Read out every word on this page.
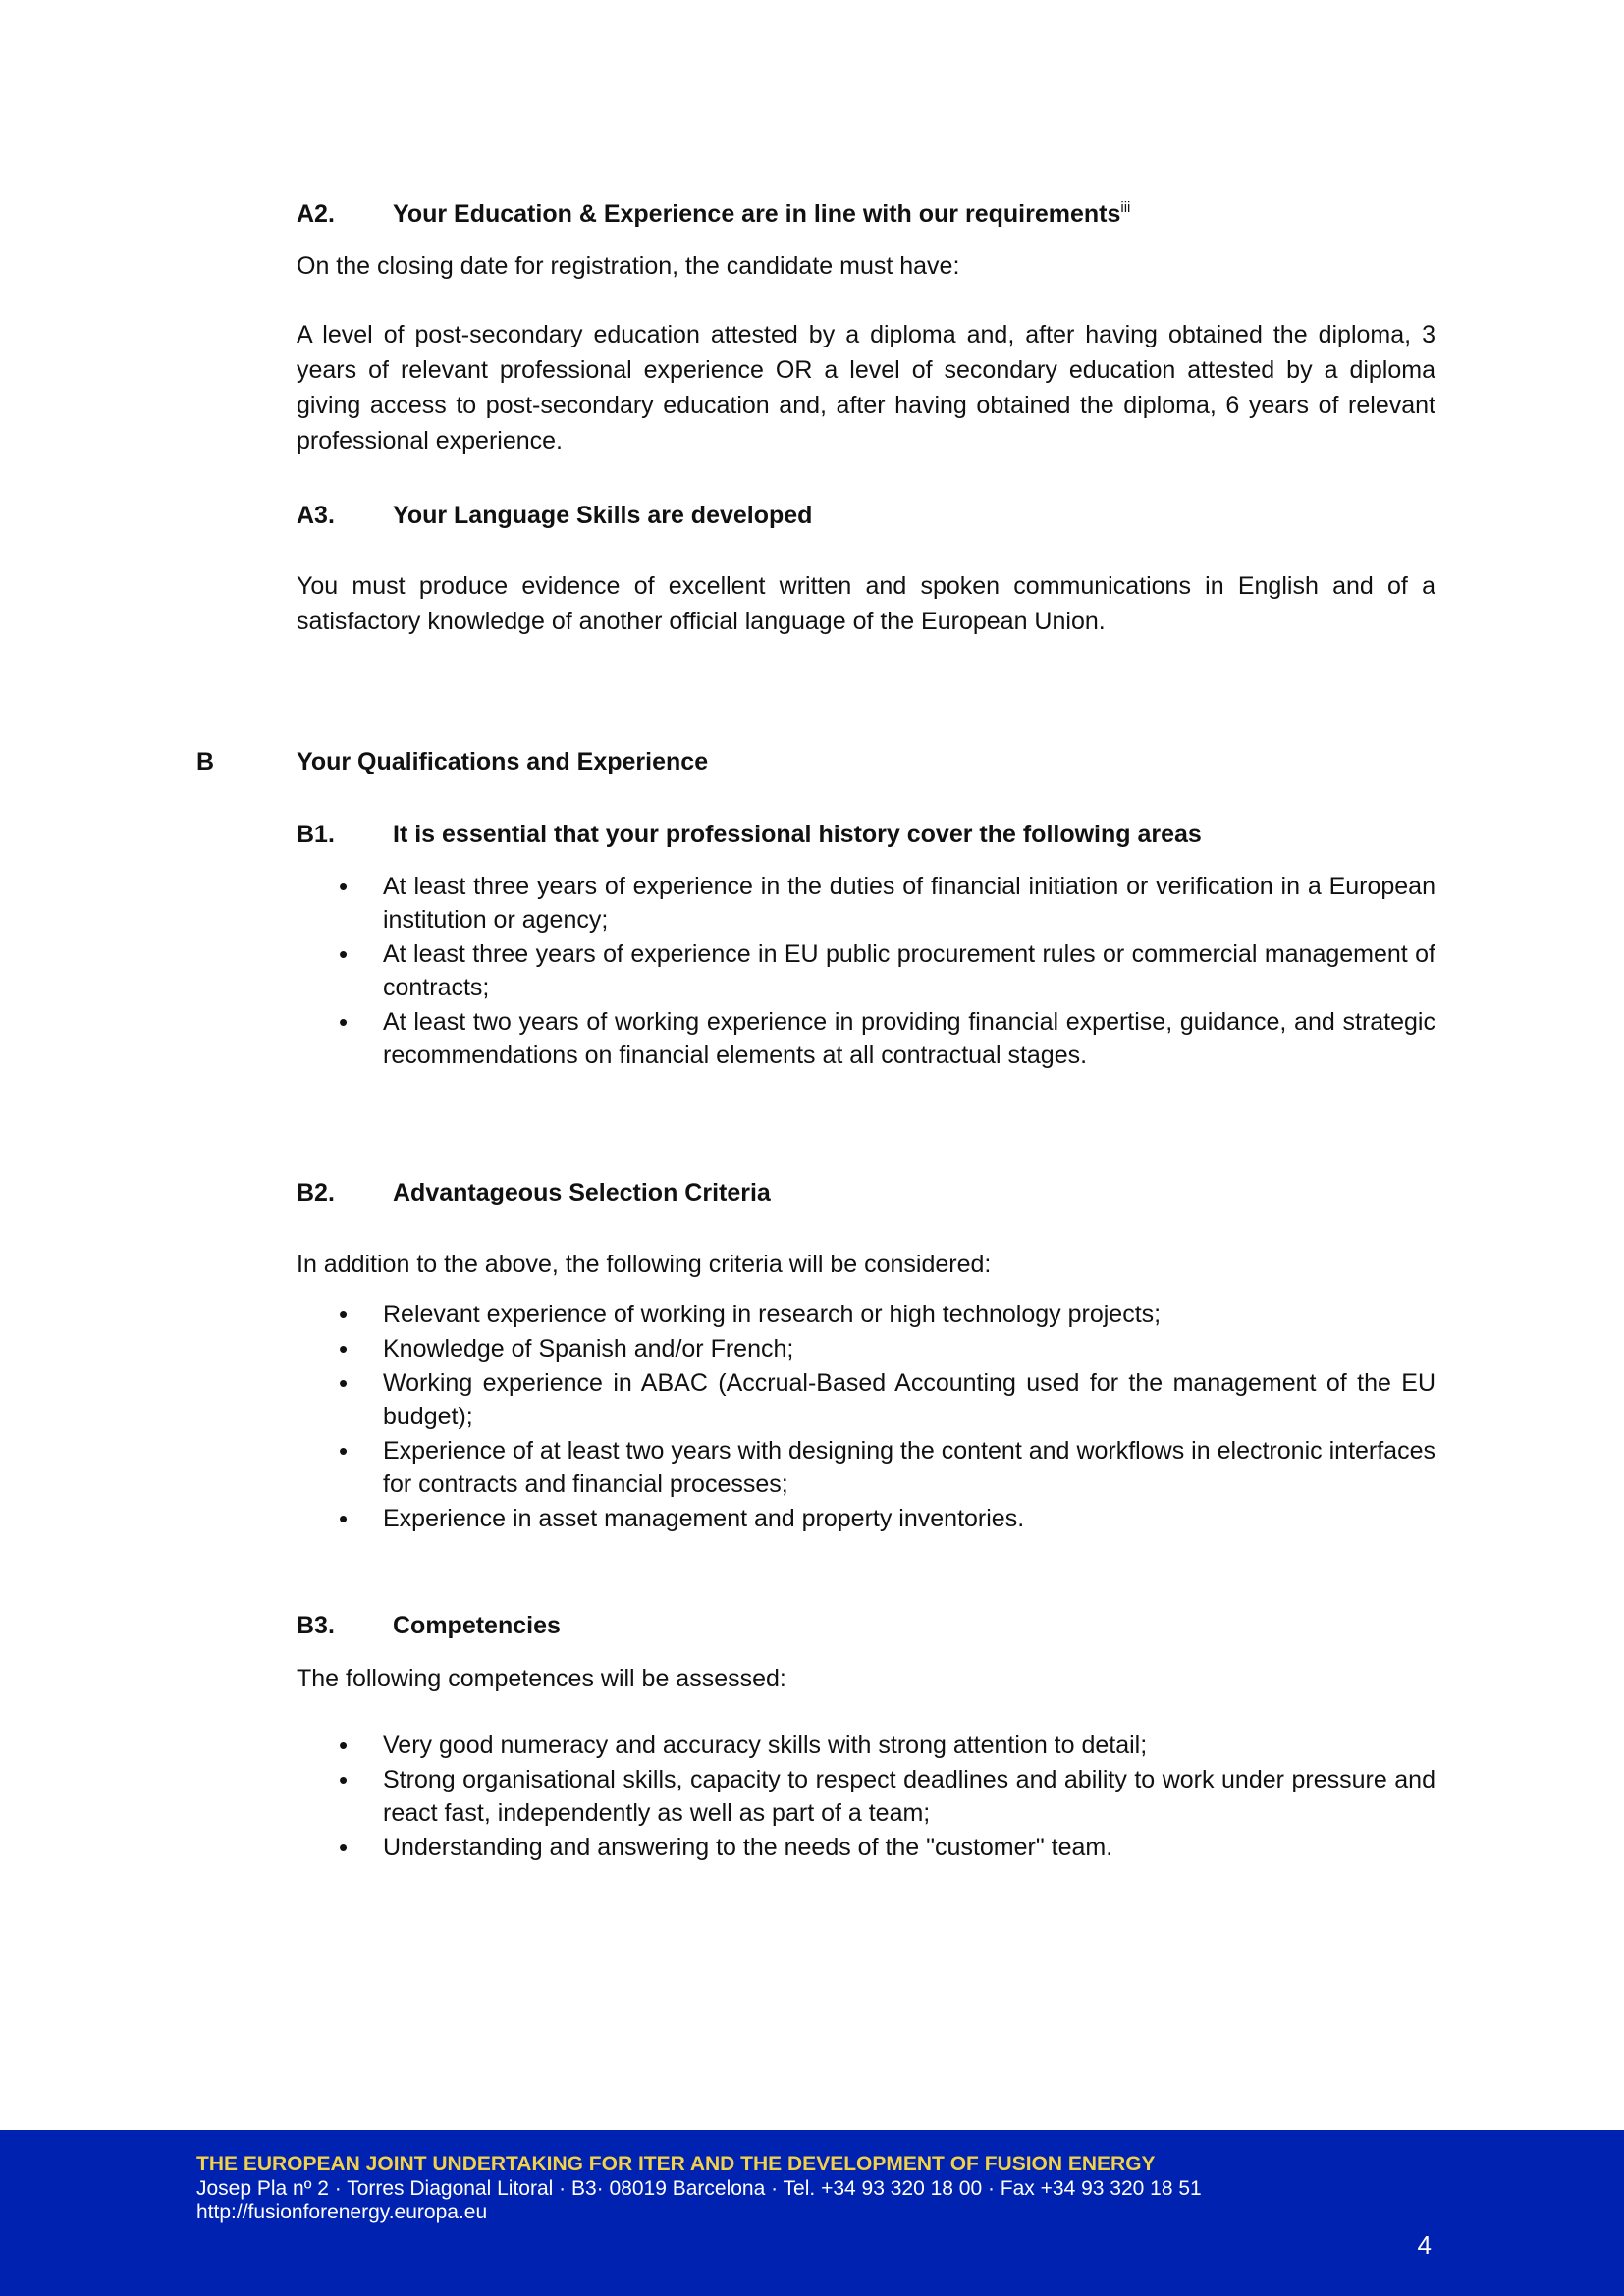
A2. Your Education & Experience are in line with our requirements$^{iii}$
On the closing date for registration, the candidate must have:
A level of post-secondary education attested by a diploma and, after having obtained the diploma, 3 years of relevant professional experience OR a level of secondary education attested by a diploma giving access to post-secondary education and, after having obtained the diploma, 6 years of relevant professional experience.
A3. Your Language Skills are developed
You must produce evidence of excellent written and spoken communications in English and of a satisfactory knowledge of another official language of the European Union.
B	Your Qualifications and Experience
B1. It is essential that your professional history cover the following areas
• At least three years of experience in the duties of financial initiation or verification in a European institution or agency;
• At least three years of experience in EU public procurement rules or commercial management of contracts;
• At least two years of working experience in providing financial expertise, guidance, and strategic recommendations on financial elements at all contractual stages.
B2. Advantageous Selection Criteria
In addition to the above, the following criteria will be considered:
• Relevant experience of working in research or high technology projects;
• Knowledge of Spanish and/or French;
• Working experience in ABAC (Accrual-Based Accounting used for the management of the EU budget);
• Experience of at least two years with designing the content and workflows in electronic interfaces for contracts and financial processes;
• Experience in asset management and property inventories.
B3. Competencies
The following competences will be assessed:
• Very good numeracy and accuracy skills with strong attention to detail;
• Strong organisational skills, capacity to respect deadlines and ability to work under pressure and react fast, independently as well as part of a team;
• Understanding and answering to the needs of the "customer" team.
THE EUROPEAN JOINT UNDERTAKING FOR ITER AND THE DEVELOPMENT OF FUSION ENERGY
Josep Pla nº 2 · Torres Diagonal Litoral · B3· 08019 Barcelona · Tel. +34 93 320 18 00 · Fax +34 93 320 18 51
http://fusionforenergy.europa.eu
4
